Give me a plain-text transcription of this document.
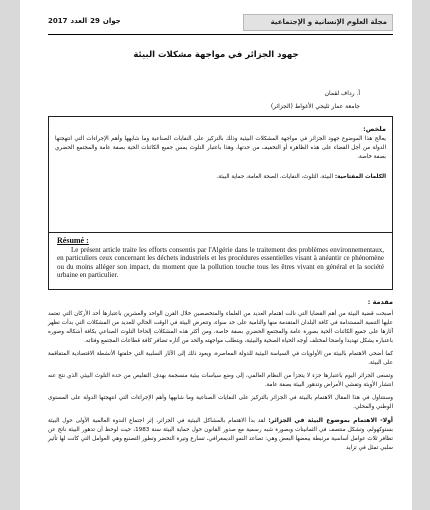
2017	جوان29العدد	مجلة العلوم الإنسانية و الإجتماعية
جهود الجزائر في مواجهة مشكلات البيئة
أ. رداف لقمان
جامعة عمار ثليجي الأغواط (الجزائر)
ملخص:
يعالج هذا الموضوع جهود الجزائر في مواجهة المشكلات البيئية وذلك بالتركيز على النفايات الصناعية وما شابهها وأهم الإجراءات التي انتهجتها الدولة من أجل القضاء على هذه الظاهرة أو التخفيف من حدتها، وهذا باعتبار التلوث يمس جميع الكائنات الحية بصفة عامة والمجتمع الحضري بصفة خاصة.
الكلمات المفتاحية: البيئة، التلوث، النفايات، الصحة العامة، حماية البيئة.
Résumé :
Le présent article traite les efforts consentis par l'Algérie dans le traitement des problèmes environnementaux, en particuliers ceux concernant les déchets industriels et les procédures essentielles visant à anéantir ce phénomène ou du moins alléger son impact, du moment que la pollution touche tous les êtres vivant en général et la société urbaine en particulier.
مقدمة :
أصبحت قضية البيئة من أهم القضايا التي نالت اهتمام العديد من العلماء والمتخصصين خلال القرن الواحد والعشرين باعتبارها أحد الأركان التي تعتمد عليها التنمية المستدامة في كافة البلدان المتقدمة منها والنامية على حد سواء، وتتعرض البيئة في الوقت الحالي للعديد من المشكلات التي بدأت تظهر آثارها على جميع الكائنات الحية بصورة عامة والمجتمع الحضري بصفة خاصة، ومن أكثر هذه المشكلات إلحاحا التلوث الصناعي بكافة أشكاله وصوره باعتباره يشكل تهديدا واضحا لمختلف أوجه الحياة الصحية والبيئية، ويتطلب مواجهته والحد من آثاره تضافر كافة قطاعات المجتمع وفئاته.
كما أضحى الاهتمام بالبيئة من الأولويات في السياسة البيئية للدولة المعاصرة، ويعود ذلك إلى الآثار السلبية التي خلفتها الأنشطة الاقتصادية المتفاقمة على البيئة.
وتسعى الجزائر اليوم باعتبارها جزء لا يتجزأ من النظام العالمي، إلى وضع سياسات بيئية منسجمة بهدف التقليص من حدة التلوث البيئي الذي نتج عنه انتشار الأوبئة وتفشي الأمراض وتدهور البيئة بصفة عامة.
وسنتناول في هذا المقال الاهتمام بالبيئة في الجزائر بالتركيز على النفايات الصناعية وما شابهها وأهم الإجراءات التي انتهجتها الدولة على المستوى الوطني والمحلي.
أولا- الاهتمام بموضوع البيئة في الجزائر: لقد بدأ الاهتمام بالمشاكل البيئية في الجزائر، إثر اجتماع الندوة العالمية الأولى حول البيئة بستوكهولم، وتشكل منتصف في الثمانينات وبصورة شبه رسمية مع صدور القانون حول حماية البيئة سنة 1983، حيث لوحظ أن تدهور البيئة ناتج عن تظافر ثلاث عوامل أساسية مرتبطة ببعضها البعض وهي: تصاعد النمو الديمغرافي، تسارع وتيرة التحضر وتطور التصنيع وهي العوامل التي كانت لها تأثير سلبي تمثل في تزايد
